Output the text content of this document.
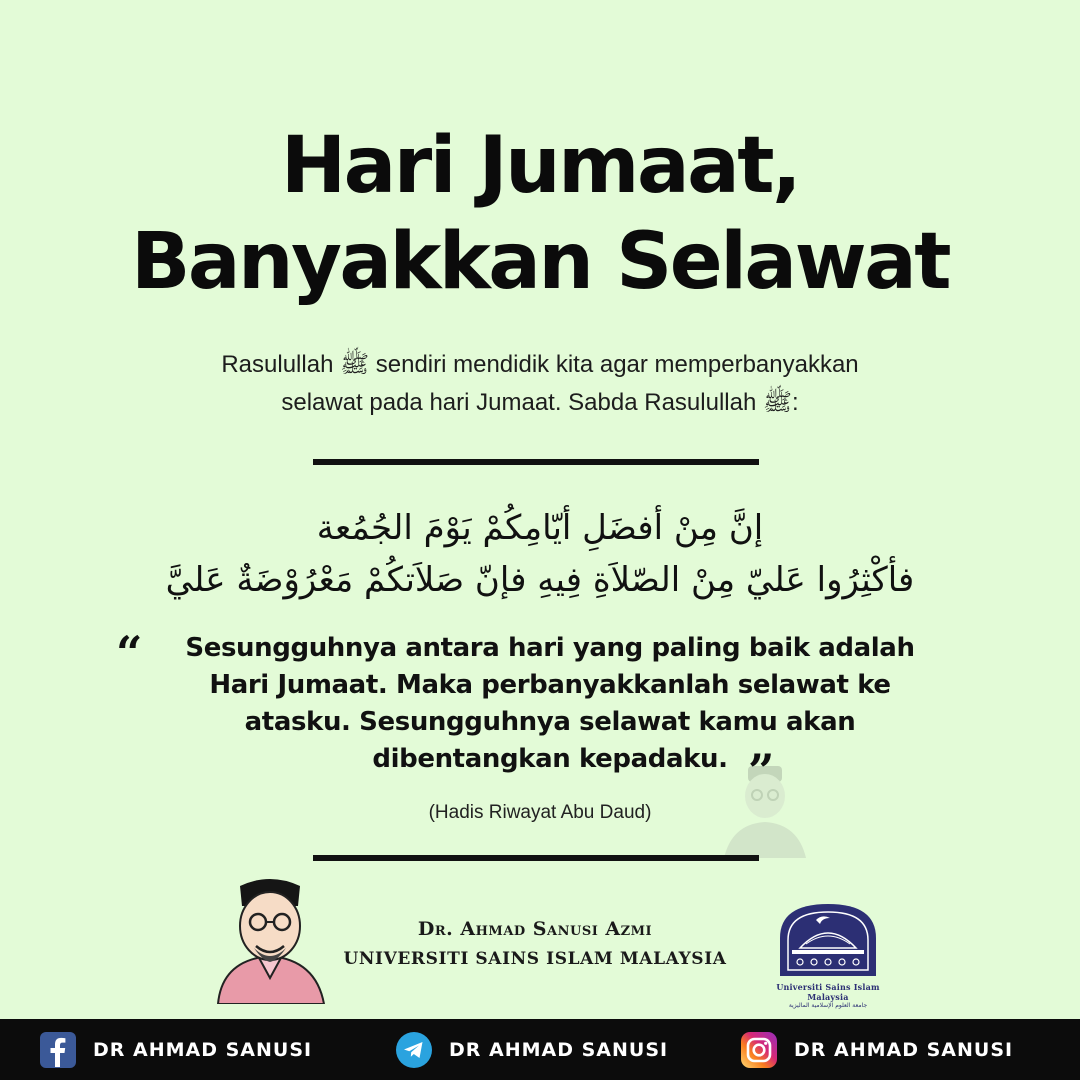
Hari Jumaat,
Banyakkan Selawat
Rasulullah ﷺ sendiri mendidik kita agar memperbanyakkan
selawat pada hari Jumaat. Sabda Rasulullah ﷺ:
إنَّ مِنْ أفضَلِ أيّامِكُمْ يَوْمَ الجُمُعة
فأكْثِرُوا عَليّ مِنْ الصّلاَةِ فِيهِ فإنّ صَلاَتكُمْ مَعْرُوْضَةٌ عَليَّ
“	Sesungguhnya antara hari yang paling baik adalah
Hari Jumaat. Maka perbanyakkanlah selawat ke
atasku. Sesungguhnya selawat kamu akan
dibentangkan kepadaku. ”
(Hadis Riwayat Abu Daud)
Dr. Ahmad Sanusi Azmi
UNIVERSITI SAINS ISLAM MALAYSIA
Universiti Sains Islam Malaysia
جامعة العلوم الإسلامية الماليزية
DR AHMAD SANUSI	DR AHMAD SANUSI	DR AHMAD SANUSI
